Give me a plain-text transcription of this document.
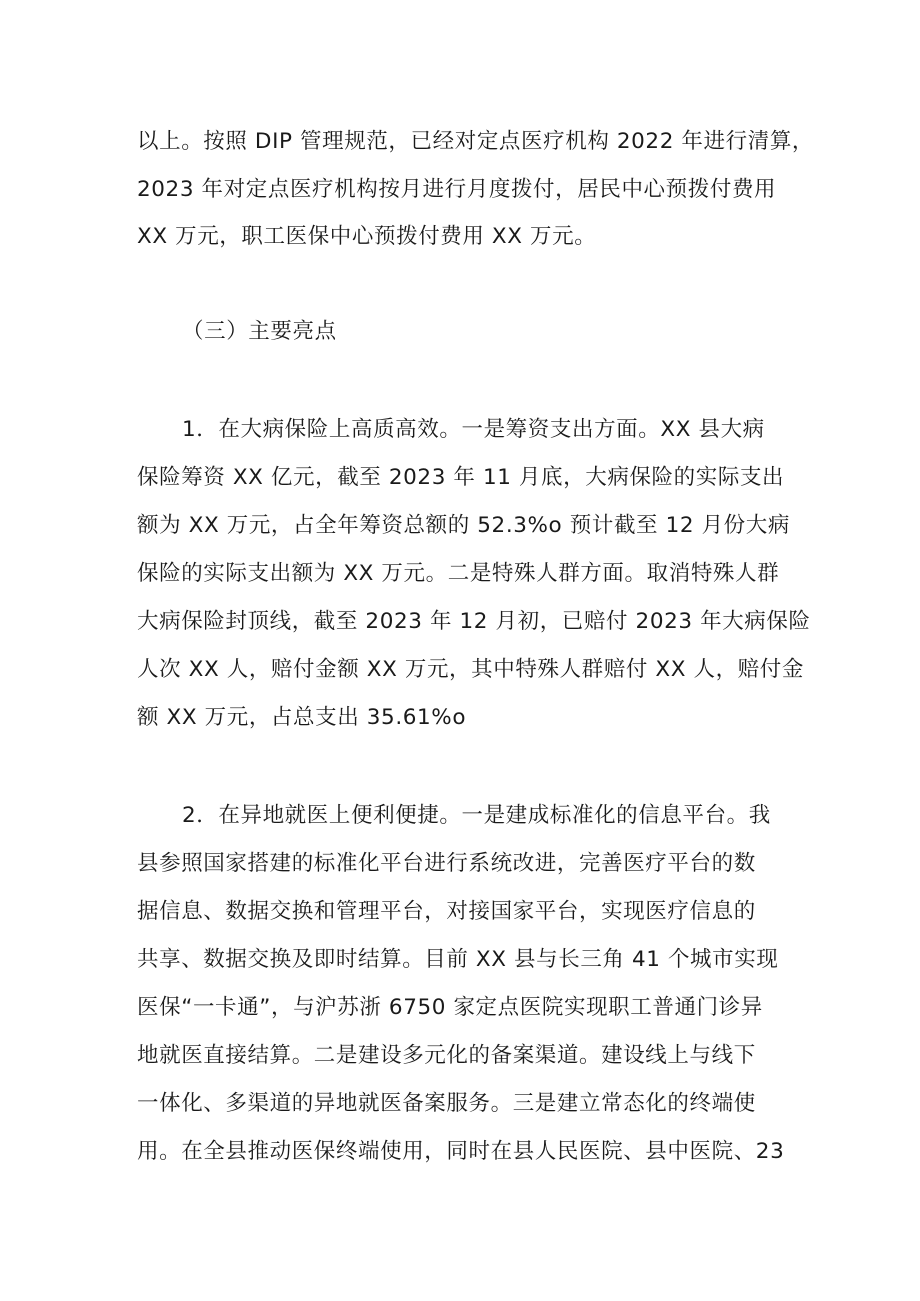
以上。按照 DIP 管理规范，已经对定点医疗机构 2022 年进行清算，
2023 年对定点医疗机构按月进行月度拨付，居民中心预拨付费用
XX 万元，职工医保中心预拨付费用 XX 万元。
（三）主要亮点
1．在大病保险上高质高效。一是筹资支出方面。XX 县大病
保险筹资 XX 亿元，截至 2023 年 11 月底，大病保险的实际支出
额为 XX 万元，占全年筹资总额的 52.3%o 预计截至 12 月份大病
保险的实际支出额为 XX 万元。二是特殊人群方面。取消特殊人群
大病保险封顶线，截至 2023 年 12 月初，已赔付 2023 年大病保险
人次 XX 人，赔付金额 XX 万元，其中特殊人群赔付 XX 人，赔付金
额 XX 万元，占总支出 35.61%o
2．在异地就医上便利便捷。一是建成标准化的信息平台。我
县参照国家搭建的标准化平台进行系统改进，完善医疗平台的数
据信息、数据交换和管理平台，对接国家平台，实现医疗信息的
共享、数据交换及即时结算。目前 XX 县与长三角 41 个城市实现
医保“一卡通”，与沪苏浙 6750 家定点医院实现职工普通门诊异
地就医直接结算。二是建设多元化的备案渠道。建设线上与线下
一体化、多渠道的异地就医备案服务。三是建立常态化的终端使
用。在全县推动医保终端使用，同时在县人民医院、县中医院、23
